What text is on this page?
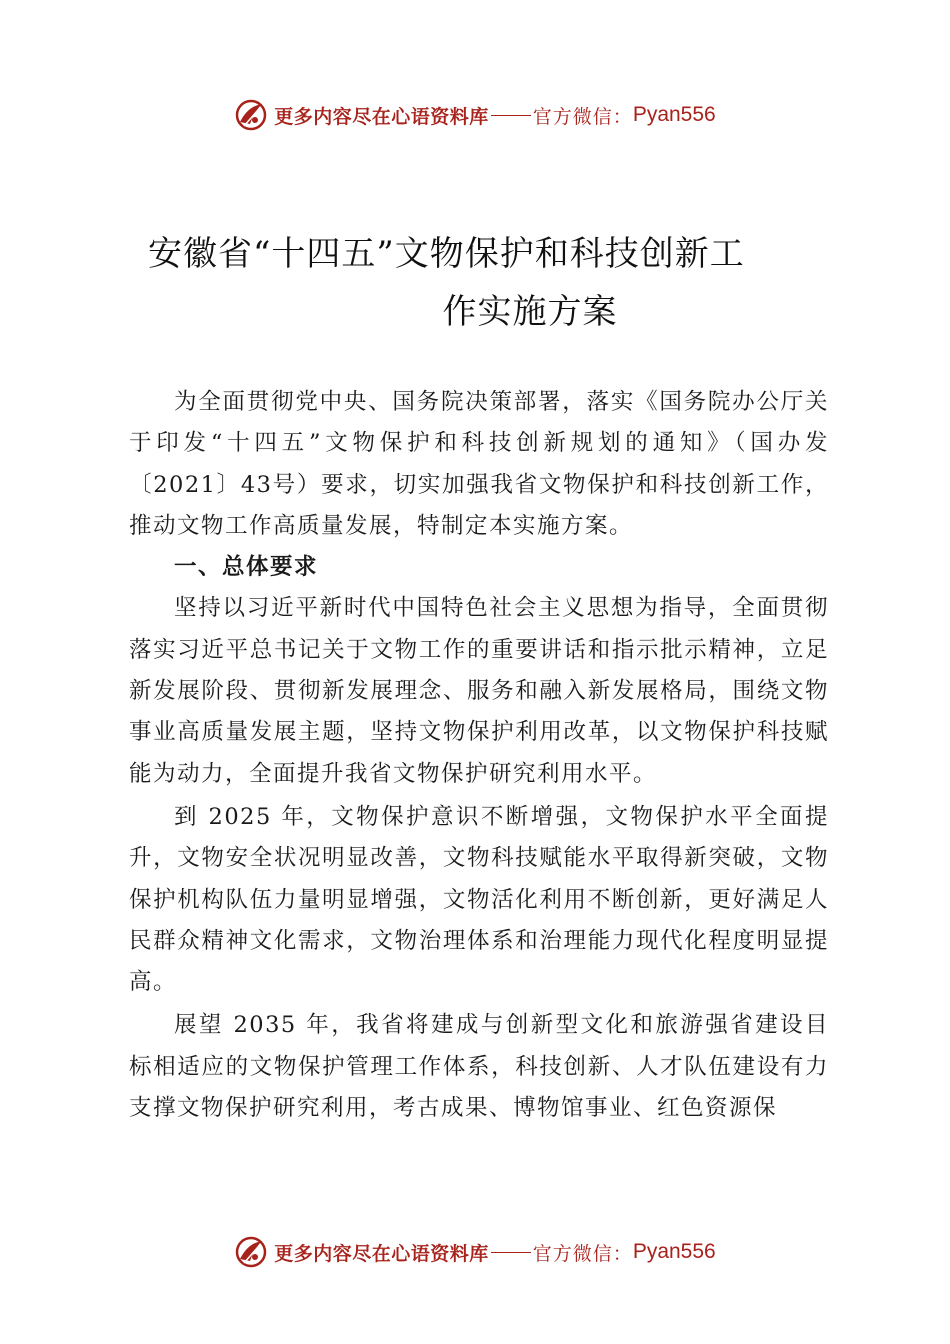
更多内容尽在心语资料库 官方微信： Pyan556
安徽省“十四五”文物保护和科技创新工
作实施方案

为全面贯彻党中央、国务院决策部署，落实《国务院办公厅关于印发“十四五”文物保护和科技创新规划的通知》（国办发〔2021〕43号）要求，切实加强我省文物保护和科技创新工作，推动文物工作高质量发展，特制定本实施方案。

一、总体要求

坚持以习近平新时代中国特色社会主义思想为指导，全面贯彻落实习近平总书记关于文物工作的重要讲话和指示批示精神，立足新发展阶段、贯彻新发展理念、服务和融入新发展格局，围绕文物事业高质量发展主题，坚持文物保护利用改革，以文物保护科技赋能为动力，全面提升我省文物保护研究利用水平。

到 2025 年，文物保护意识不断增强，文物保护水平全面提升，文物安全状况明显改善，文物科技赋能水平取得新突破，文物保护机构队伍力量明显增强，文物活化利用不断创新，更好满足人民群众精神文化需求，文物治理体系和治理能力现代化程度明显提高。

展望 2035 年，我省将建成与创新型文化和旅游强省建设目标相适应的文物保护管理工作体系，科技创新、人才队伍建设有力支撑文物保护研究利用，考古成果、博物馆事业、红色资源保

更多内容尽在心语资料库 官方微信： Pyan556
